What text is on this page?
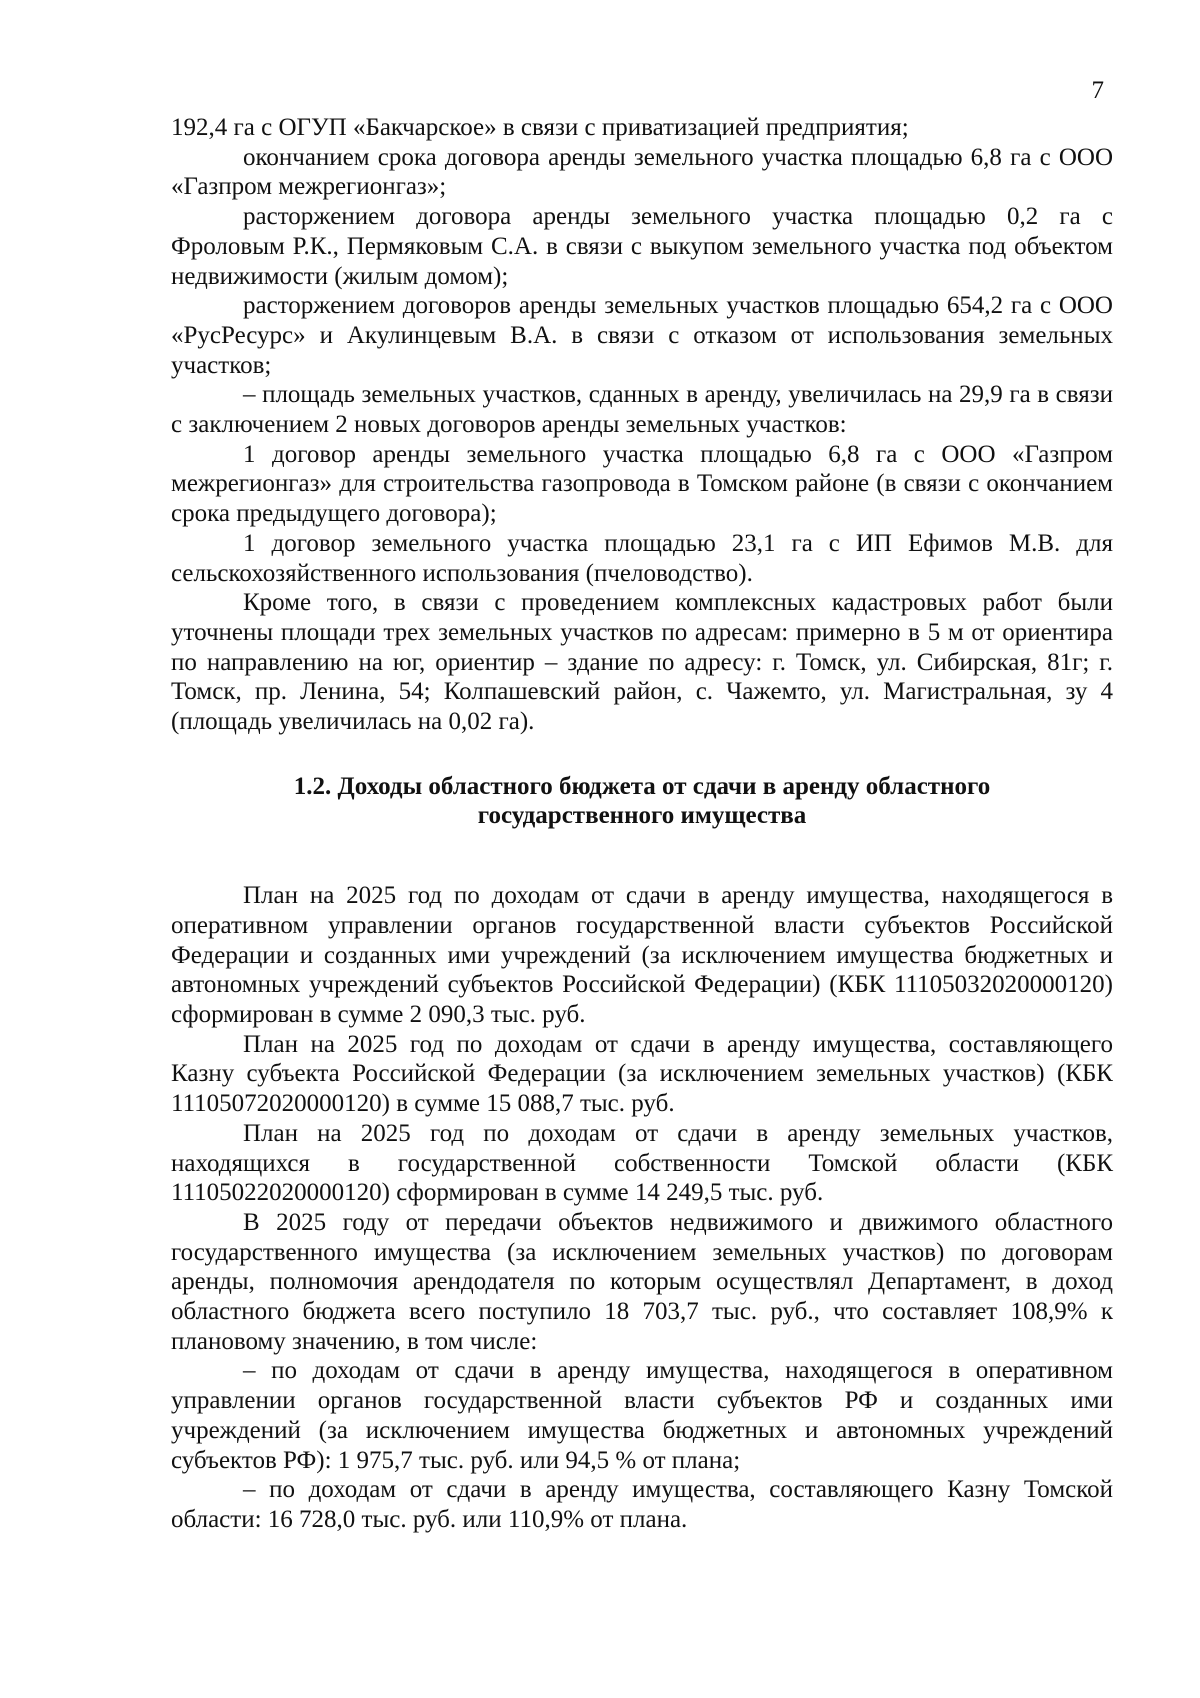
7

192,4 га с ОГУП «Бакчарское» в связи с приватизацией предприятия;

окончанием срока договора аренды земельного участка площадью 6,8 га с ООО «Газпром межрегионгаз»;

расторжением договора аренды земельного участка площадью 0,2 га с Фроловым Р.К., Пермяковым С.А. в связи с выкупом земельного участка под объектом недвижимости (жилым домом);

расторжением договоров аренды земельных участков площадью 654,2 га с ООО «РусРесурс» и Акулинцевым В.А. в связи с отказом от использования земельных участков;

– площадь земельных участков, сданных в аренду, увеличилась на 29,9 га в связи с заключением 2 новых договоров аренды земельных участков:

1 договор аренды земельного участка площадью 6,8 га с ООО «Газпром межрегионгаз» для строительства газопровода в Томском районе (в связи с окончанием срока предыдущего договора);

1 договор земельного участка площадью 23,1 га с ИП Ефимов М.В. для сельскохозяйственного использования (пчеловодство).

Кроме того, в связи с проведением комплексных кадастровых работ были уточнены площади трех земельных участков по адресам: примерно в 5 м от ориентира по направлению на юг, ориентир – здание по адресу: г. Томск, ул. Сибирская, 81г; г. Томск, пр. Ленина, 54; Колпашевский район, с. Чажемто, ул. Магистральная, зу 4 (площадь увеличилась на 0,02 га).

1.2. Доходы областного бюджета от сдачи в аренду областного
государственного имущества

План на 2025 год по доходам от сдачи в аренду имущества, находящегося в оперативном управлении органов государственной власти субъектов Российской Федерации и созданных ими учреждений (за исключением имущества бюджетных и автономных учреждений субъектов Российской Федерации) (КБК 11105032020000120) сформирован в сумме 2 090,3 тыс. руб.

План на 2025 год по доходам от сдачи в аренду имущества, составляющего Казну субъекта Российской Федерации (за исключением земельных участков) (КБК 11105072020000120) в сумме 15 088,7 тыс. руб.

План на 2025 год по доходам от сдачи в аренду земельных участков, находящихся в государственной собственности Томской области (КБК 11105022020000120) сформирован в сумме 14 249,5 тыс. руб.

В 2025 году от передачи объектов недвижимого и движимого областного государственного имущества (за исключением земельных участков) по договорам аренды, полномочия арендодателя по которым осуществлял Департамент, в доход областного бюджета всего поступило 18 703,7 тыс. руб., что составляет 108,9% к плановому значению, в том числе:

– по доходам от сдачи в аренду имущества, находящегося в оперативном управлении органов государственной власти субъектов РФ и созданных ими учреждений (за исключением имущества бюджетных и автономных учреждений субъектов РФ): 1 975,7 тыс. руб. или 94,5 % от плана;

– по доходам от сдачи в аренду имущества, составляющего Казну Томской области: 16 728,0 тыс. руб. или 110,9% от плана.
